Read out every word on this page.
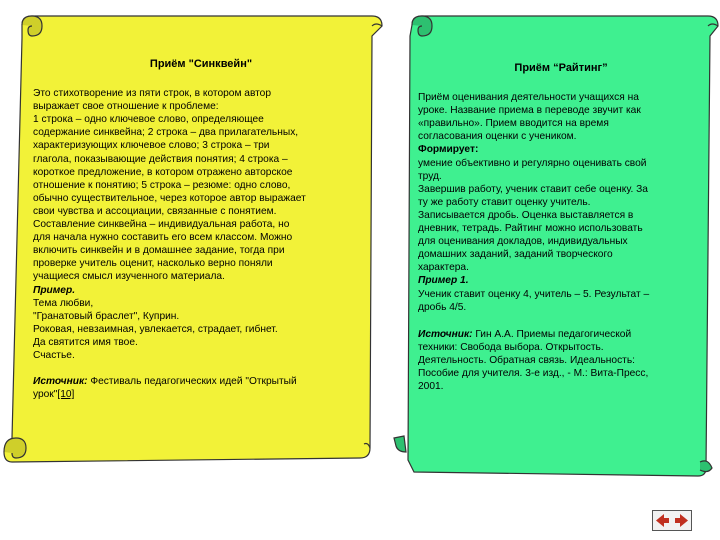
Приём "Синквейн"

Это стихотворение из пяти строк, в котором автор

выражает свое отношение к проблеме:

1 строка – одно ключевое слово, определяющее

содержание синквейна; 2 строка – два прилагательных,

характеризующих ключевое слово; 3 строка – три

глагола, показывающие действия понятия; 4 строка –

короткое предложение, в котором отражено авторское

отношение к понятию; 5 строка – резюме: одно слово,

обычно существительное, через которое автор выражает

свои чувства и ассоциации, связанные с понятием.

Составление синквейна – индивидуальная работа, но

для начала нужно составить его всем классом. Можно

включить синквейн и в домашнее задание, тогда при

проверке учитель оценит, насколько верно поняли

учащиеся смысл изученного материала.

Пример.

Тема любви,

"Гранатовый браслет", Куприн.

Роковая, невзаимная, увлекается, страдает, гибнет.

Да святится имя твое.

Счастье.

Источник: Фестиваль педагогических идей "Открытый

урок"[10]

Приём “Райтинг”

Приём оценивания деятельности учащихся на

уроке. Название приема в переводе звучит как

«правильно». Прием вводится на время

согласования оценки с учеником.

Формирует:

умение объективно и регулярно оценивать свой

труд.

Завершив работу, ученик ставит себе оценку. За

ту же работу ставит оценку учитель.

Записывается дробь. Оценка выставляется в

дневник, тетрадь. Райтинг можно использовать

для оценивания докладов, индивидуальных

домашних заданий, заданий творческого

характера.

Пример 1.

Ученик ставит оценку 4, учитель – 5. Результат –

дробь 4/5.

Источник: Гин А.А. Приемы педагогической

техники: Свобода выбора. Открытость.

Деятельность. Обратная связь. Идеальность:

Пособие для учителя. 3-е изд., - М.: Вита-Пресс,

2001.
